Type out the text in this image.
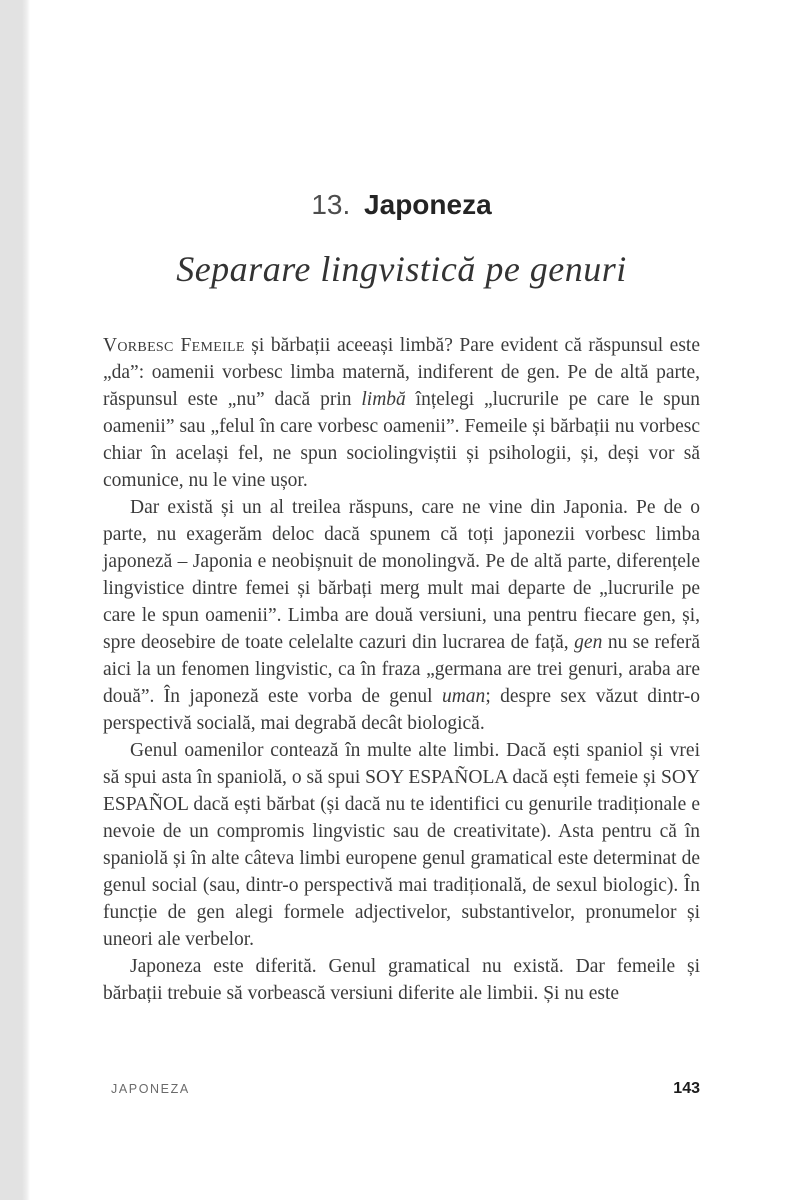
13. Japoneza
Separare lingvistică pe genuri

Vorbesc Femeile și bărbații aceeași limbă? Pare evident că răspunsul este „da”: oamenii vorbesc limba maternă, indiferent de gen. Pe de altă parte, răspunsul este „nu” dacă prin limbă înțelegi „lucrurile pe care le spun oamenii” sau „felul în care vorbesc oamenii”. Femeile și bărbații nu vorbesc chiar în același fel, ne spun sociolingviștii și psihologii, și, deși vor să comunice, nu le vine ușor.

Dar există și un al treilea răspuns, care ne vine din Japonia. Pe de o parte, nu exagerăm deloc dacă spunem că toți japonezii vorbesc limba japoneză – Japonia e neobișnuit de monolingvă. Pe de altă parte, diferențele lingvistice dintre femei și bărbați merg mult mai departe de „lucrurile pe care le spun oamenii”. Limba are două versiuni, una pentru fiecare gen, și, spre deosebire de toate celelalte cazuri din lucrarea de față, gen nu se referă aici la un fenomen lingvistic, ca în fraza „germana are trei genuri, araba are două”. În japoneză este vorba de genul uman; despre sex văzut dintr-o perspectivă socială, mai degrabă decât biologică.

Genul oamenilor contează în multe alte limbi. Dacă ești spaniol și vrei să spui asta în spaniolă, o să spui SOY ESPAÑOLA dacă ești femeie și SOY ESPAÑOL dacă ești bărbat (și dacă nu te identifici cu genurile tradiționale e nevoie de un compromis lingvistic sau de creativitate). Asta pentru că în spaniolă și în alte câteva limbi europene genul gramatical este determinat de genul social (sau, dintr-o perspectivă mai tradițională, de sexul biologic). În funcție de gen alegi formele adjectivelor, substantivelor, pronumelor și uneori ale verbelor.

Japoneza este diferită. Genul gramatical nu există. Dar femeile și bărbații trebuie să vorbească versiuni diferite ale limbii. Și nu este

JAPONEZA	143
